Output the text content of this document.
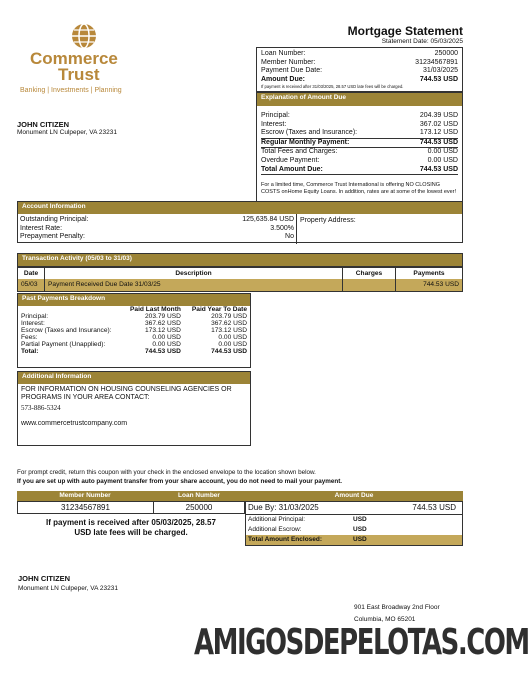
Commerce
Trust
Banking | Investments | Planning
Mortgage Statement
Statement Date: 05/03/2025
Loan Number:	250000
Member Number:	31234567891
Payment Due Date:	31/03/2025
Amount Due:	744.53 USD
If payment is received after 31/03/2025, 28.57 USD late fees will be charged.
Explanation of Amount Due
Principal:	204.39 USD
Interest:	367.02 USD
Escrow (Taxes and Insurance):	173.12 USD
Regular Monthly Payment:	744.53 USD
Total Fees and Charges:	0.00 USD
Overdue Payment:	0.00 USD
Total Amount Due:	744.53 USD
For a limited time, Commerce Trust International is offering NO CLOSING COSTS onHome Equity Loans. In addition, rates are at some of the lowest ever!
JOHN CITIZEN
Monument LN Culpeper, VA 23231
Account Information
Outstanding Principal:	125,635.84 USD
Interest Rate:	3.500%
Prepayment Penalty:	No
Property Address:
Transaction Activity (05/03 to 31/03)
Date	Description	Charges	Payments
05/03	Payment Received Due Date 31/03/25		744.53 USD
Past Payments Breakdown
	Paid Last Month	Paid Year To Date
Principal:	203.79 USD	203.79 USD
Interest:	367.62 USD	367.62 USD
Escrow (Taxes and Insurance):	173.12 USD	173.12 USD
Fees:	0.00 USD	0.00 USD
Partial Payment (Unapplied):	0.00 USD	0.00 USD
Total:	744.53 USD	744.53 USD
Additional Information
FOR INFORMATION ON HOUSING COUNSELING AGENCIES OR PROGRAMS IN YOUR AREA CONTACT:
573-886-5324
www.commercetrustcompany.com
For prompt credit, return this coupon with your check in the enclosed envelope to the location shown below.
If you are set up with auto payment transfer from your share account, you do not need to mail your payment.
Member Number	Loan Number	Amount Due
31234567891	250000
If payment is received after 05/03/2025, 28.57 USD late fees will be charged.
Due By: 31/03/2025	744.53 USD
Additional Principal:	USD
Additional Escrow:	USD
Total Amount Enclosed:	USD
JOHN CITIZEN
Monument LN Culpeper, VA 23231
901 East Broadway 2nd Floor
Columbia, MO 65201
AMIGOSDEPELOTAS.COM
